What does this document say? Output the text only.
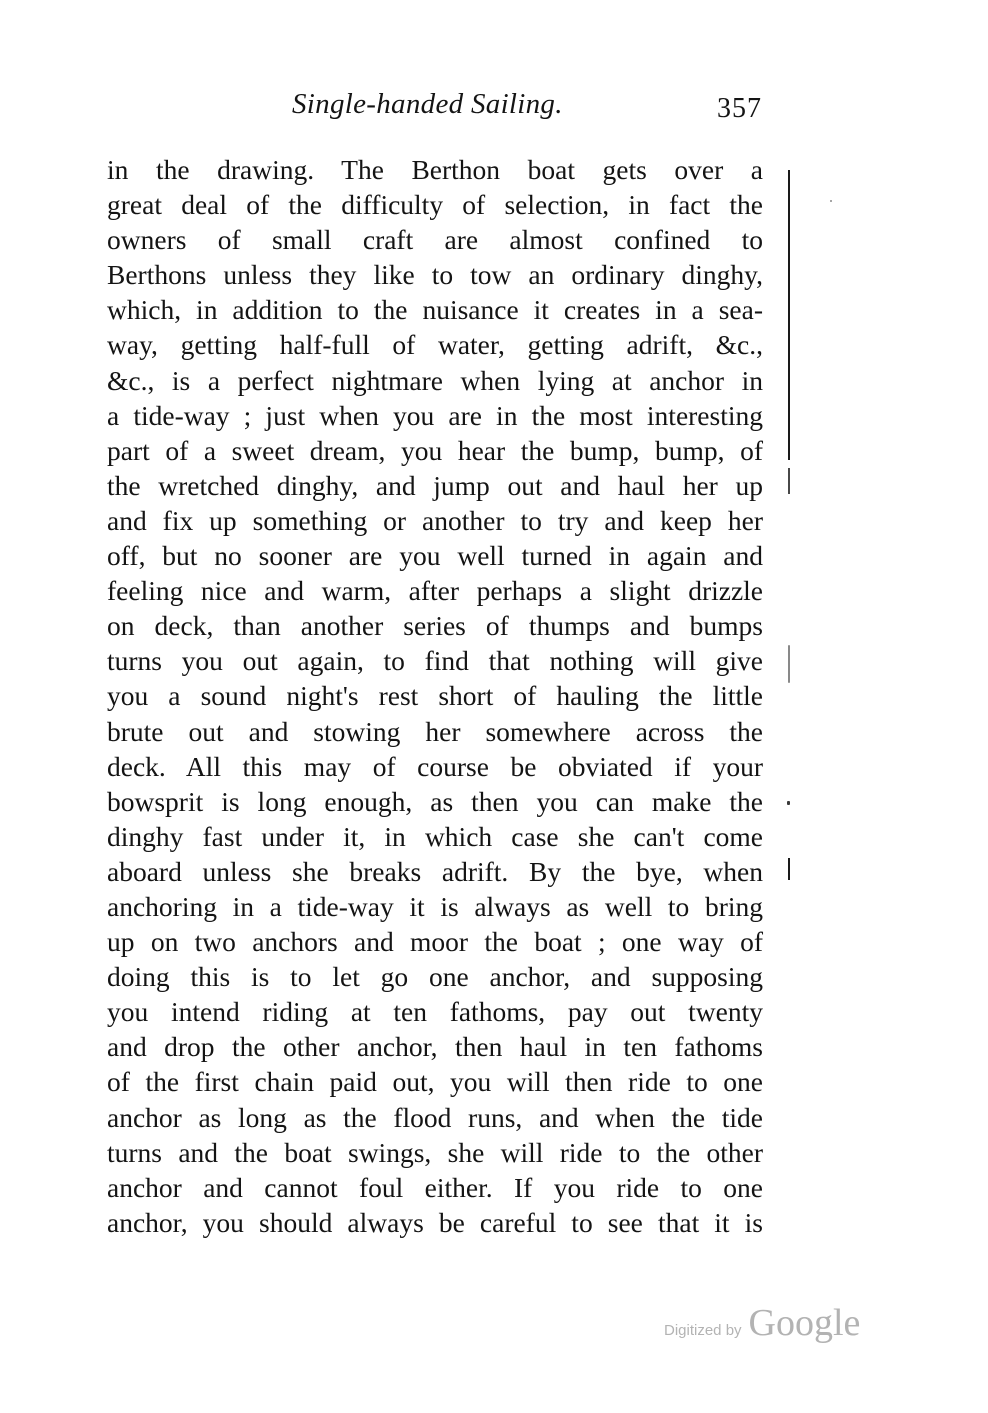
Single-handed Sailing.	357
in the drawing. The Berthon boat gets over a
great deal of the difficulty of selection, in fact the
owners of small craft are almost confined to
Berthons unless they like to tow an ordinary dinghy,
which, in addition to the nuisance it creates in a sea-
way, getting half-full of water, getting adrift, &c.,
&c., is a perfect nightmare when lying at anchor in
a tide-way ; just when you are in the most interesting
part of a sweet dream, you hear the bump, bump, of
the wretched dinghy, and jump out and haul her up
and fix up something or another to try and keep her
off, but no sooner are you well turned in again and
feeling nice and warm, after perhaps a slight drizzle
on deck, than another series of thumps and bumps
turns you out again, to find that nothing will give
you a sound night's rest short of hauling the little
brute out and stowing her somewhere across the
deck. All this may of course be obviated if your
bowsprit is long enough, as then you can make the
dinghy fast under it, in which case she can't come
aboard unless she breaks adrift. By the bye, when
anchoring in a tide-way it is always as well to bring
up on two anchors and moor the boat ; one way of
doing this is to let go one anchor, and supposing
you intend riding at ten fathoms, pay out twenty
and drop the other anchor, then haul in ten fathoms
of the first chain paid out, you will then ride to one
anchor as long as the flood runs, and when the tide
turns and the boat swings, she will ride to the other
anchor and cannot foul either. If you ride to one
anchor, you should always be careful to see that it is
Digitized by Google
